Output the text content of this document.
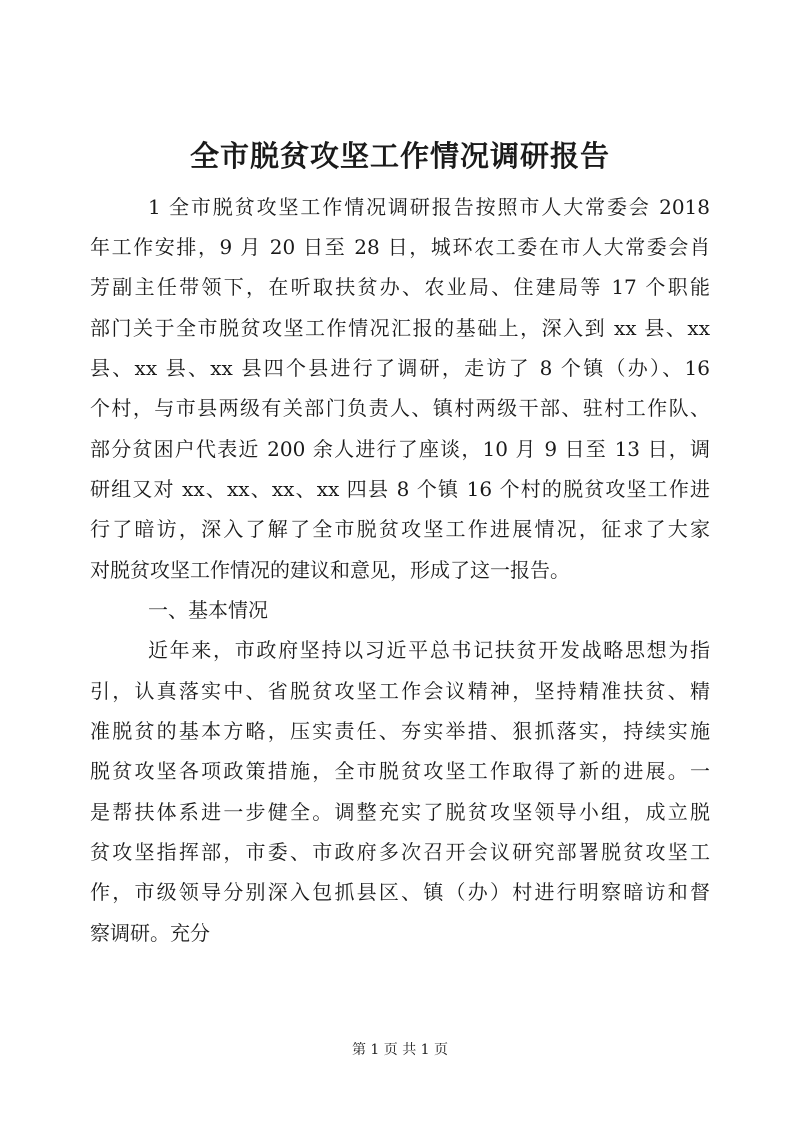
全市脱贫攻坚工作情况调研报告
1 全市脱贫攻坚工作情况调研报告按照市人大常委会 2018
年工作安排，9 月 20 日至 28 日，城环农工委在市人大常委会肖
芳副主任带领下，在听取扶贫办、农业局、住建局等 17 个职能
部门关于全市脱贫攻坚工作情况汇报的基础上，深入到 xx 县、xx
县、xx 县、xx 县四个县进行了调研，走访了 8 个镇（办）、16
个村，与市县两级有关部门负责人、镇村两级干部、驻村工作队、
部分贫困户代表近 200 余人进行了座谈，10 月 9 日至 13 日，调
研组又对 xx、xx、xx、xx 四县 8 个镇 16 个村的脱贫攻坚工作进
行了暗访，深入了解了全市脱贫攻坚工作进展情况，征求了大家
对脱贫攻坚工作情况的建议和意见，形成了这一报告。
一、基本情况
近年来，市政府坚持以习近平总书记扶贫开发战略思想为指
引，认真落实中、省脱贫攻坚工作会议精神，坚持精准扶贫、精
准脱贫的基本方略，压实责任、夯实举措、狠抓落实，持续实施
脱贫攻坚各项政策措施，全市脱贫攻坚工作取得了新的进展。一
是帮扶体系进一步健全。调整充实了脱贫攻坚领导小组，成立脱
贫攻坚指挥部，市委、市政府多次召开会议研究部署脱贫攻坚工
作，市级领导分别深入包抓县区、镇（办）村进行明察暗访和督
察调研。充分
第 1 页 共 1 页
